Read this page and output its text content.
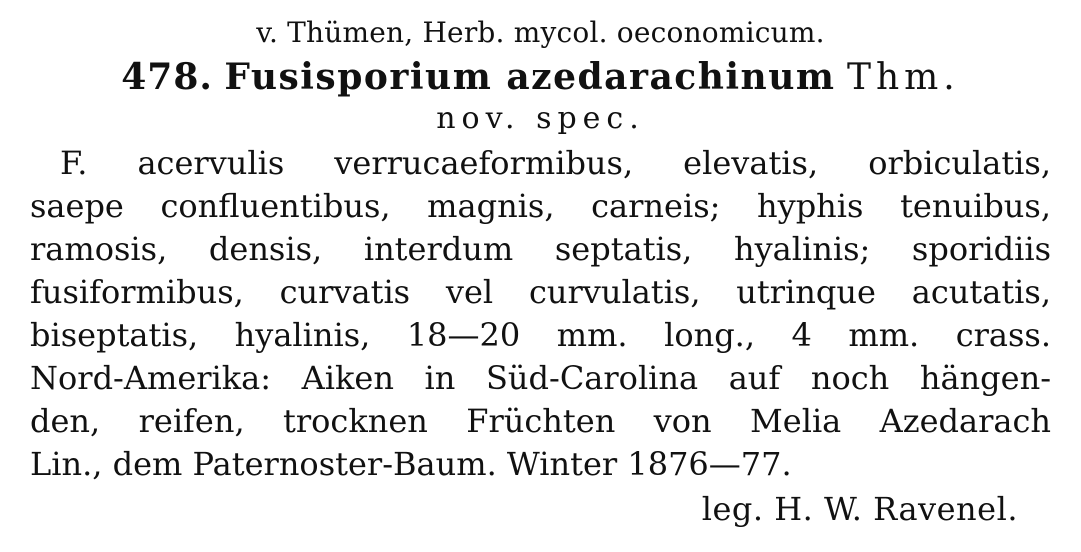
v. Thümen, Herb. mycol. oeconomicum.
478. Fusisporium azedarachinum Thm.
nov. spec.
F. acervulis verrucaeformibus, elevatis, orbiculatis,
saepe confluentibus, magnis, carneis; hyphis tenuibus,
ramosis, densis, interdum septatis, hyalinis; sporidiis
fusiformibus, curvatis vel curvulatis, utrinque acutatis,
biseptatis, hyalinis, 18—20 mm. long., 4 mm. crass.
Nord-Amerika: Aiken in Süd-Carolina auf noch hängen-
den, reifen, trocknen Früchten von Melia Azedarach
Lin., dem Paternoster-Baum. Winter 1876—77.
leg. H. W. Ravenel.
